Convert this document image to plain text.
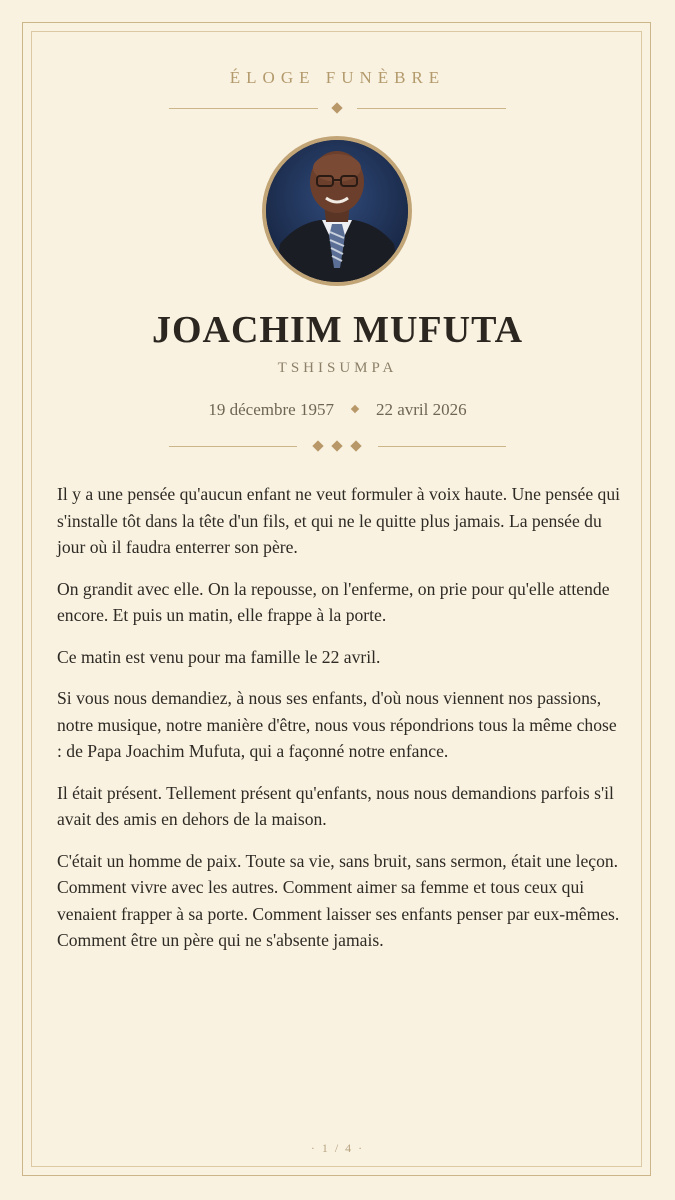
ÉLOGE FUNÈBRE
JOACHIM MUFUTA
TSHISUMPA
19 décembre 1957 22 avril 2026

Il y a une pensée qu'aucun enfant ne veut formuler à voix haute. Une pensée qui s'installe tôt dans la tête d'un fils, et qui ne le quitte plus jamais. La pensée du jour où il faudra enterrer son père.

On grandit avec elle. On la repousse, on l'enferme, on prie pour qu'elle attende encore. Et puis un matin, elle frappe à la porte.

Ce matin est venu pour ma famille le 22 avril.

Si vous nous demandiez, à nous ses enfants, d'où nous viennent nos passions, notre musique, notre manière d'être, nous vous répondrions tous la même chose : de Papa Joachim Mufuta, qui a façonné notre enfance.

Il était présent. Tellement présent qu'enfants, nous nous demandions parfois s'il avait des amis en dehors de la maison.

C'était un homme de paix. Toute sa vie, sans bruit, sans sermon, était une leçon. Comment vivre avec les autres. Comment aimer sa femme et tous ceux qui venaient frapper à sa porte. Comment laisser ses enfants penser par eux-mêmes. Comment être un père qui ne s'absente jamais.

· 1 / 4 ·
